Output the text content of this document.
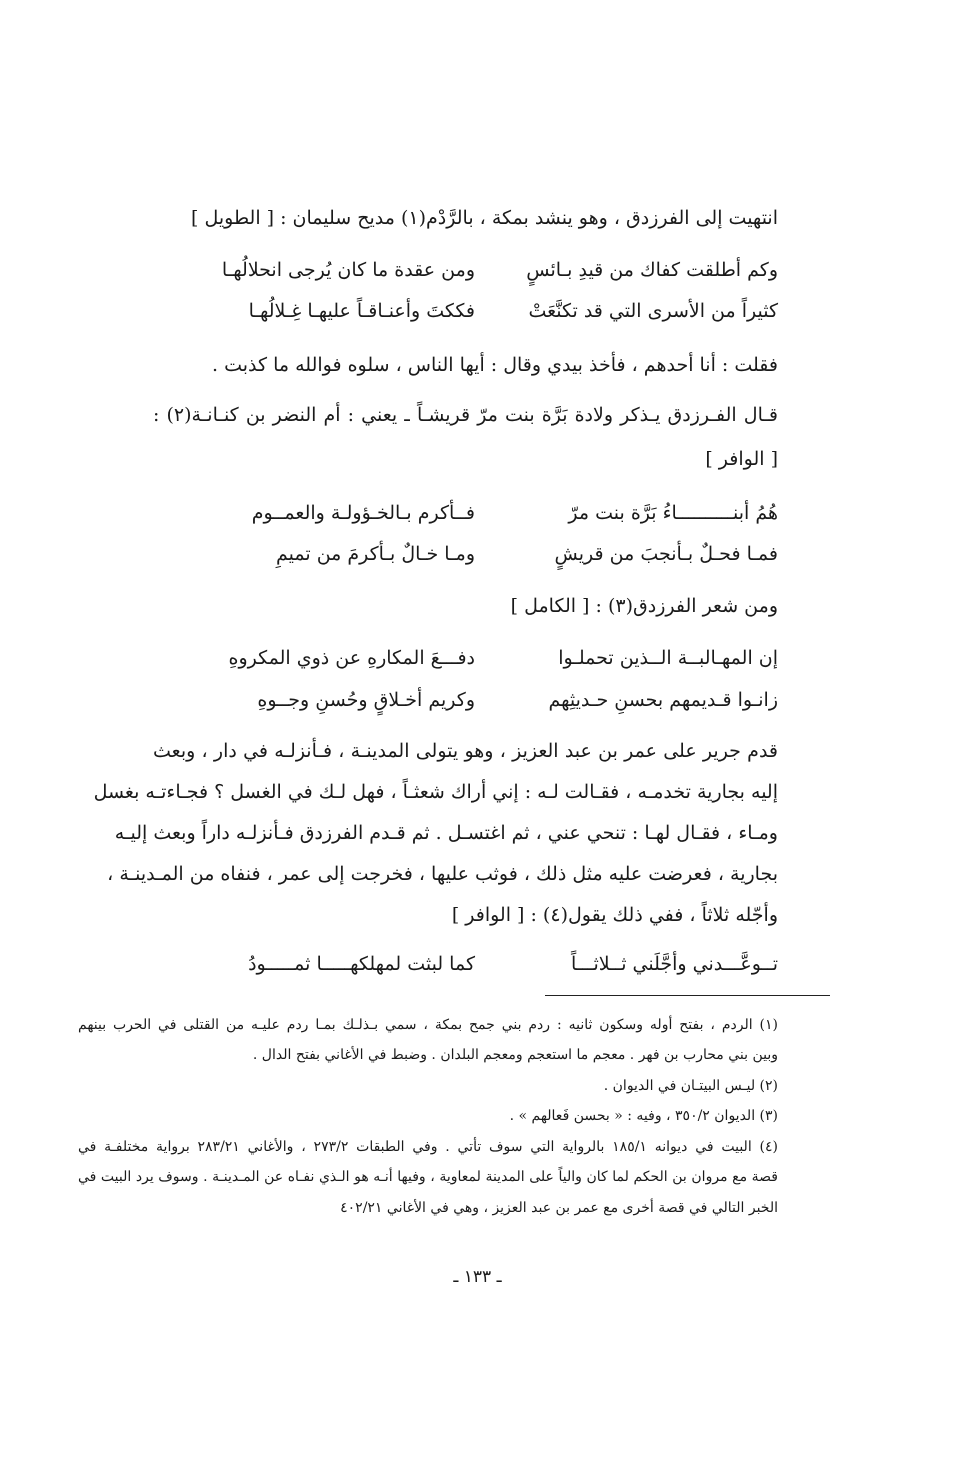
انتهيت إلى الفرزدق ، وهو ينشد بمكة ، بالرَّدْم(١) مديح سليمان : [ الطويل ]
وكم أطلقت كفاك من قيدِ بـائسٍ
ومن عقدة ما كان يُرجى انحلالُهـا
كثيراً من الأسرى التي قد تكنَّعَتْ
فككتَ وأعنـاقـاً عليهـا غِـلالُهـا
فقلت : أنا أحدهم ، فأخذ بيدي وقال : أيها الناس ، سلوه فوالله ما كذبت .
قـال الفـرزدق يـذكر ولادة بَرَّة بنت مرّ قريشـاً ـ يعني : أم النضر بن كنـانـة(٢) :
[ الوافر ]
هُمُ أبنــــــــــاءُ بَرَّة بنت مرّ
فــأكرم بـالخـؤولـة والعمــوم
فمـا فحـلٌ بـأنجبَ من قريشٍ
ومـا خـالٌ بـأكرمَ من تميمِ
ومن شعر الفرزدق(٣) : [ الكامل ]
إن المهـالبــة الــذين تحملـوا
دفـــعَ المكارهِ عن ذوي المكروهِ
زانـوا قـديمهم بحسنِ حـديثِهم
وكريم أخـلاقٍ وحُسنِ وجــوهِ
قدم جرير على عمر بن عبد العزيز ، وهو يتولى المدينـة ، فـأنزلـه في دار ، وبعث
إليه بجارية تخدمـه ، فقـالت لـه : إني أراك شعثـاً ، فهل لـك في الغسل ؟ فجـاءتـه بغسل
ومـاء ، فقـال لهـا : تنحي عني ، ثم اغتسـل . ثم قـدم الفرزدق فـأنزلـه داراً وبعث إليـه
بجارية ، فعرضت عليه مثل ذلك ، فوثب عليها ، فخرجت إلى عمر ، فنفاه من المـدينـة ،
وأجّله ثلاثاً ، ففي ذلك يقول(٤) : [ الوافر ]
تــوعَّـــدني وأجَّلَني ثــلاثـــاً
كما لبثت لمهلكهـــــا ثمـــــودُ
(١) الردم ، بفتح أوله وسكون ثانيه : ردم بني جمح بمكة ، سمي بـذلـك بمـا ردم عليـه من القتلى في الحرب بينهم
وبين بني محارب بن فهر . معجم ما استعجم ومعجم البلدان . وضبط في الأغاني بفتح الدال .
(٢) ليـس البيتـان في الديوان .
(٣) الديوان ٣٥٠/٢ ، وفيه : « بحسن فَعالهم » .
(٤) البيت في ديوانه ١٨٥/١ بالرواية التي سوف تأتي . وفي الطبقات ٢٧٣/٢ ، والأغاني ٢٨٣/٢١ برواية مختلفـة في
قصة مع مروان بن الحكم لما كان والياً على المدينة لمعاوية ، وفيها أنـه هو الـذي نفـاه عن المـدينـة . وسوف يرد البيت في
الخبر التالي في قصة أخرى مع عمر بن عبد العزيز ، وهي في الأغاني ٤٠٢/٢١
ـ ١٣٣ ـ
